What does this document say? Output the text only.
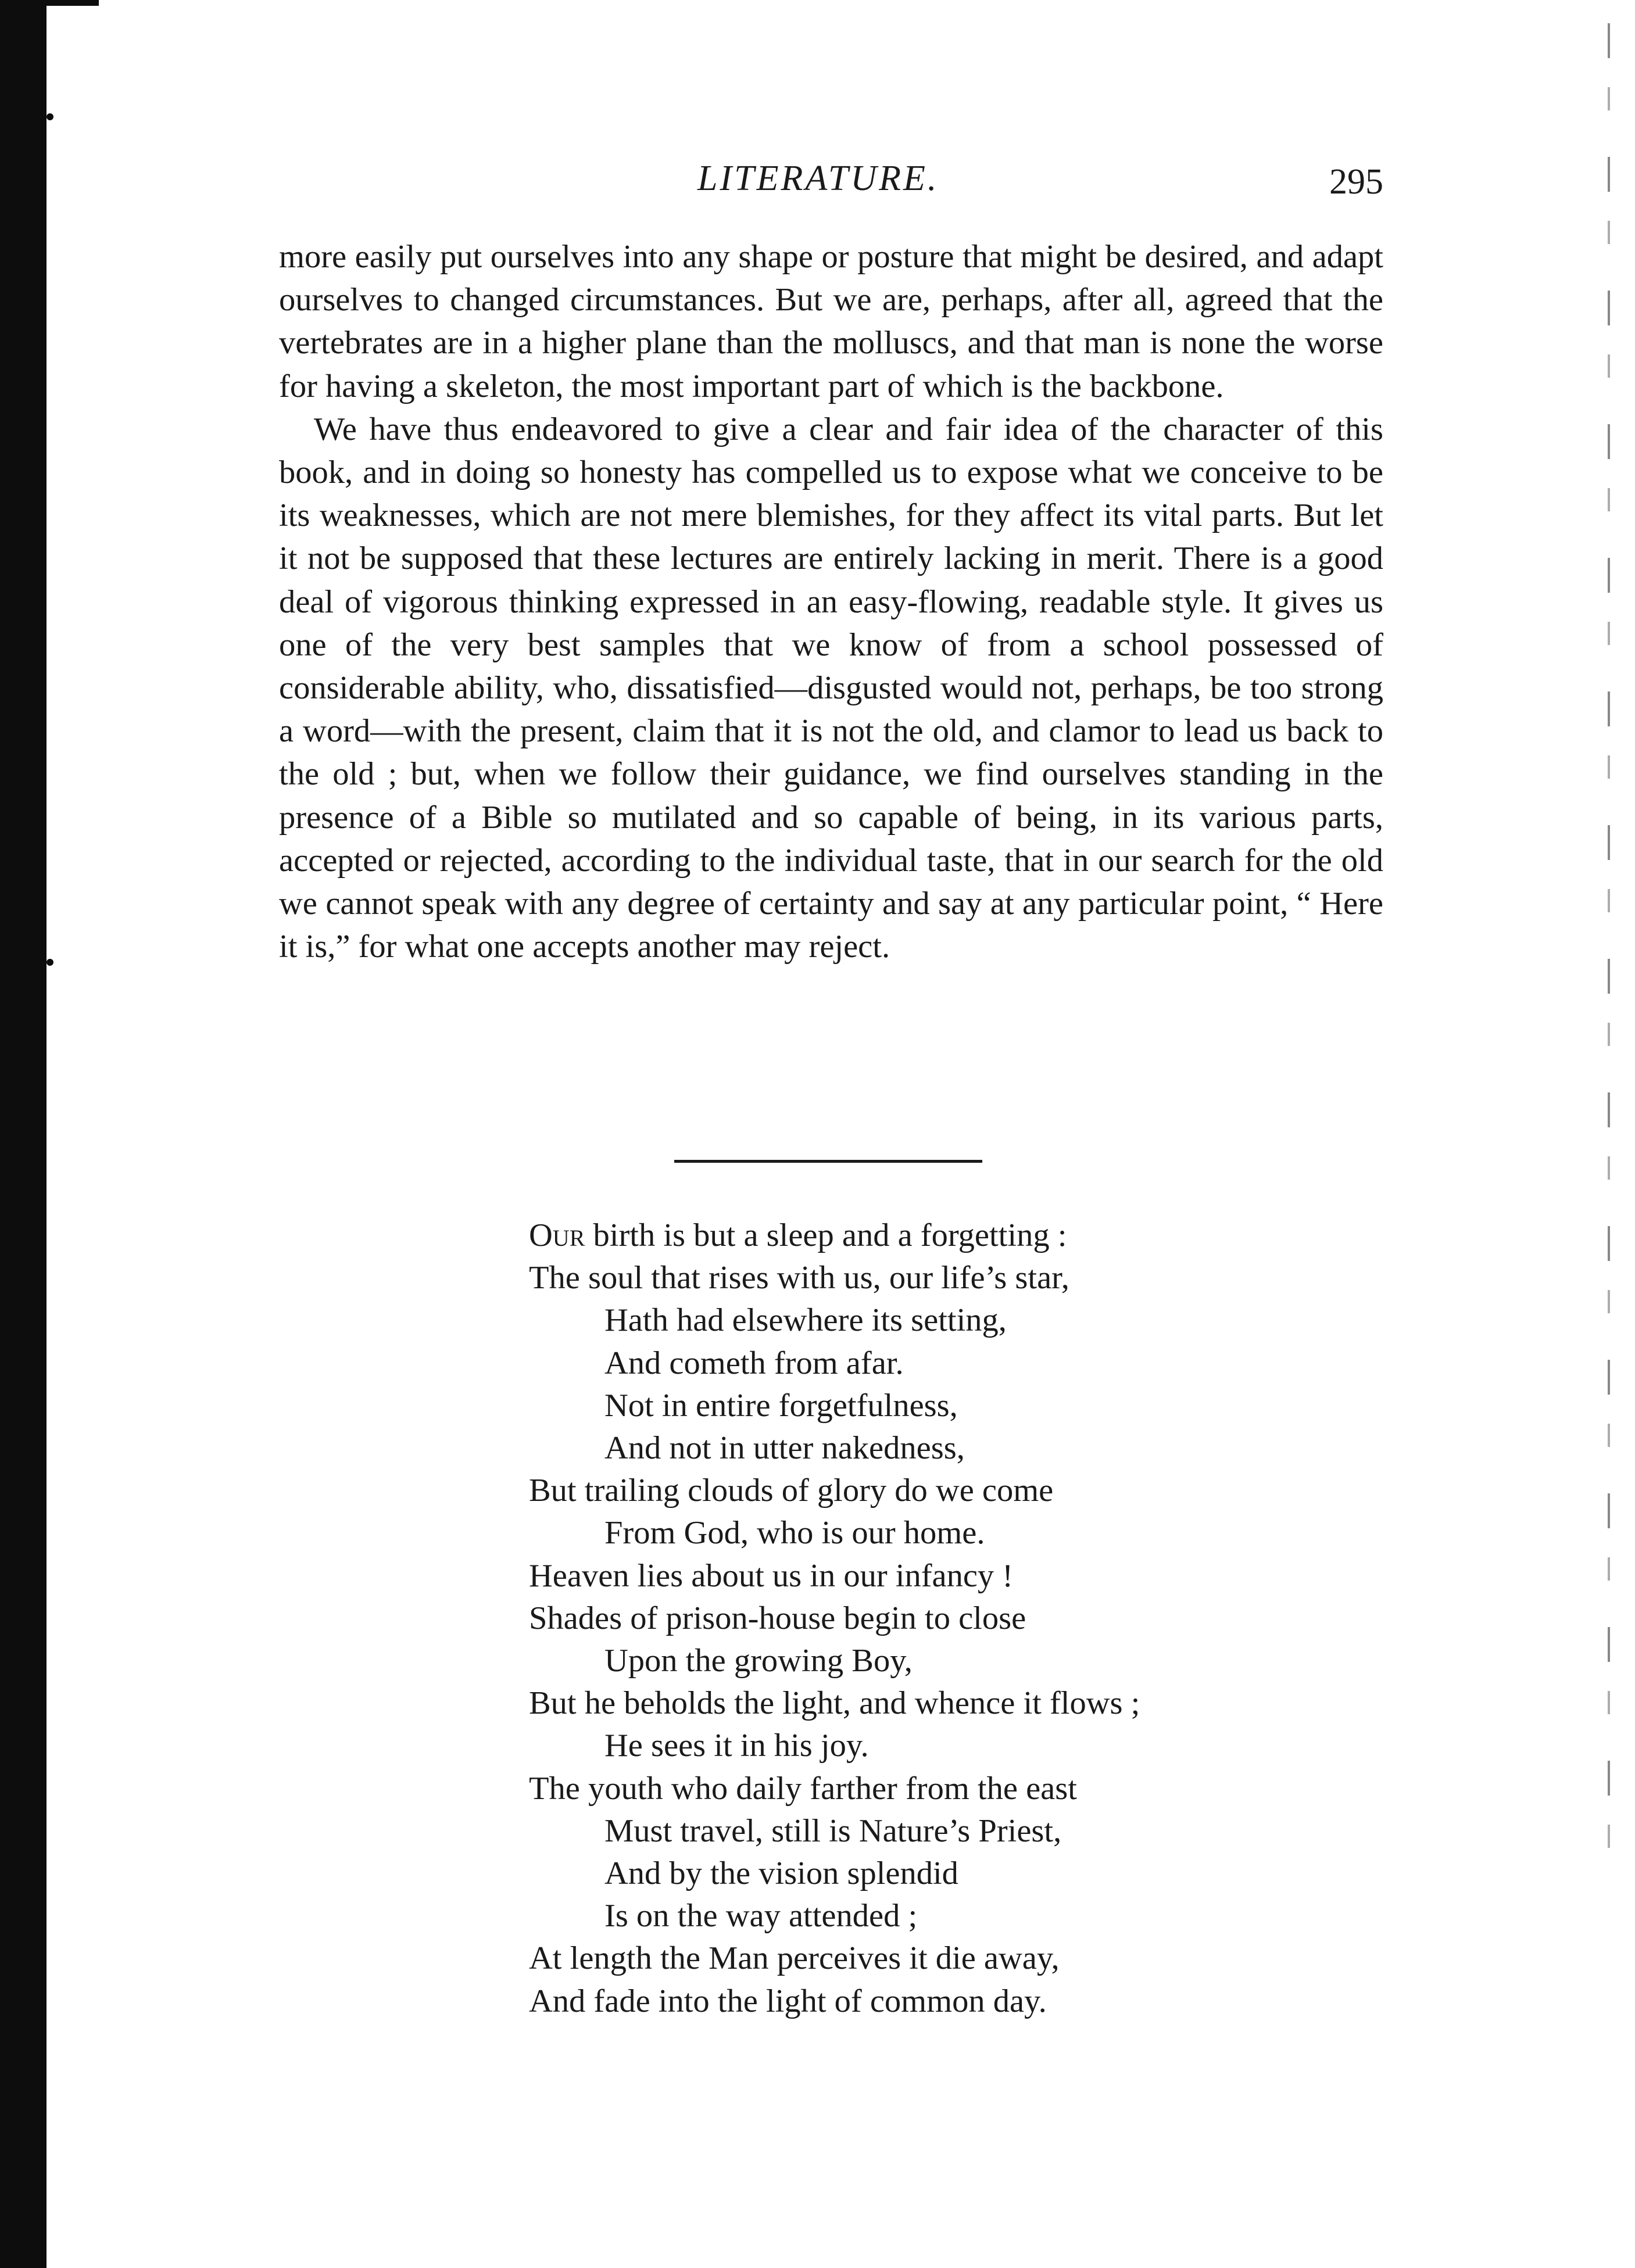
LITERATURE.	295

more easily put ourselves into any shape or posture that might be desired, and adapt ourselves to changed circumstances. But we are, perhaps, after all, agreed that the vertebrates are in a higher plane than the molluscs, and that man is none the worse for having a skeleton, the most important part of which is the backbone.

We have thus endeavored to give a clear and fair idea of the character of this book, and in doing so honesty has compelled us to expose what we conceive to be its weaknesses, which are not mere blemishes, for they affect its vital parts. But let it not be supposed that these lectures are entirely lacking in merit. There is a good deal of vigorous thinking expressed in an easy-flowing, readable style. It gives us one of the very best samples that we know of from a school possessed of considerable ability, who, dissatisfied—disgusted would not, perhaps, be too strong a word—with the present, claim that it is not the old, and clamor to lead us back to the old ; but, when we follow their guidance, we find ourselves standing in the presence of a Bible so mutilated and so capable of being, in its various parts, accepted or rejected, according to the individual taste, that in our search for the old we cannot speak with any degree of certainty and say at any particular point, “ Here it is,” for what one accepts another may reject.

Our birth is but a sleep and a forgetting :
The soul that rises with us, our life’s star,
Hath had elsewhere its setting,
And cometh from afar.
Not in entire forgetfulness,
And not in utter nakedness,
But trailing clouds of glory do we come
From God, who is our home.
Heaven lies about us in our infancy !
Shades of prison-house begin to close
Upon the growing Boy,
But he beholds the light, and whence it flows ;
He sees it in his joy.
The youth who daily farther from the east
Must travel, still is Nature’s Priest,
And by the vision splendid
Is on the way attended ;
At length the Man perceives it die away,
And fade into the light of common day.
